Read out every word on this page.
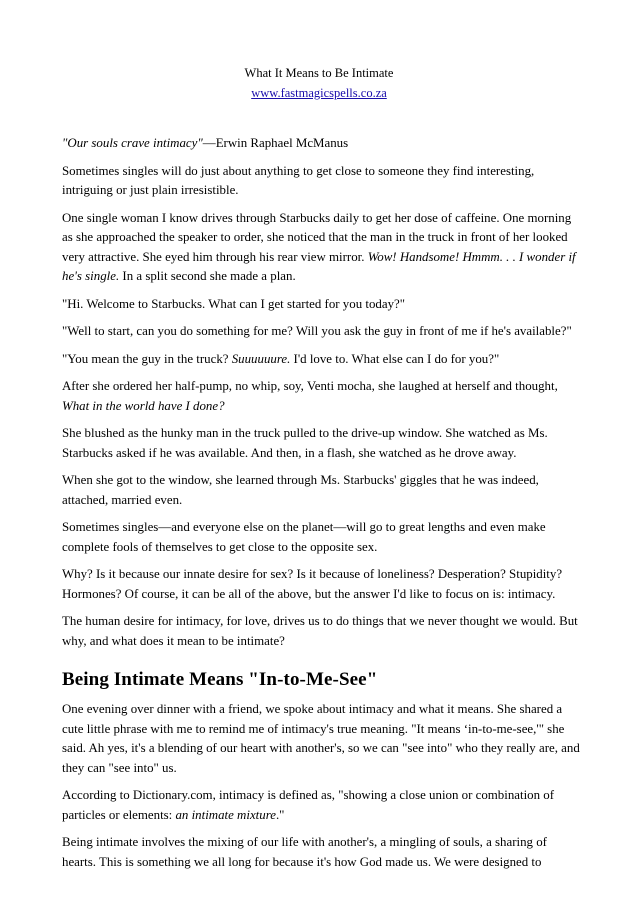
What It Means to Be Intimate
www.fastmagicspells.co.za

"Our souls crave intimacy"—Erwin Raphael McManus

Sometimes singles will do just about anything to get close to someone they find interesting, intriguing or just plain irresistible.

One single woman I know drives through Starbucks daily to get her dose of caffeine. One morning as she approached the speaker to order, she noticed that the man in the truck in front of her looked very attractive. She eyed him through his rear view mirror. Wow! Handsome! Hmmm. . . I wonder if he's single. In a split second she made a plan.

"Hi. Welcome to Starbucks. What can I get started for you today?"

"Well to start, can you do something for me? Will you ask the guy in front of me if he's available?"

"You mean the guy in the truck? Suuuuuure. I'd love to. What else can I do for you?"

After she ordered her half-pump, no whip, soy, Venti mocha, she laughed at herself and thought, What in the world have I done?

She blushed as the hunky man in the truck pulled to the drive-up window. She watched as Ms. Starbucks asked if he was available. And then, in a flash, she watched as he drove away.

When she got to the window, she learned through Ms. Starbucks' giggles that he was indeed, attached, married even.

Sometimes singles—and everyone else on the planet—will go to great lengths and even make complete fools of themselves to get close to the opposite sex.

Why? Is it because our innate desire for sex? Is it because of loneliness? Desperation? Stupidity? Hormones? Of course, it can be all of the above, but the answer I'd like to focus on is: intimacy.

The human desire for intimacy, for love, drives us to do things that we never thought we would. But why, and what does it mean to be intimate?

Being Intimate Means "In-to-Me-See"

One evening over dinner with a friend, we spoke about intimacy and what it means. She shared a cute little phrase with me to remind me of intimacy's true meaning. "It means ‘in-to-me-see,'" she said. Ah yes, it's a blending of our heart with another's, so we can "see into" who they really are, and they can "see into" us.

According to Dictionary.com, intimacy is defined as, "showing a close union or combination of particles or elements: an intimate mixture."

Being intimate involves the mixing of our life with another's, a mingling of souls, a sharing of hearts. This is something we all long for because it's how God made us. We were designed to
